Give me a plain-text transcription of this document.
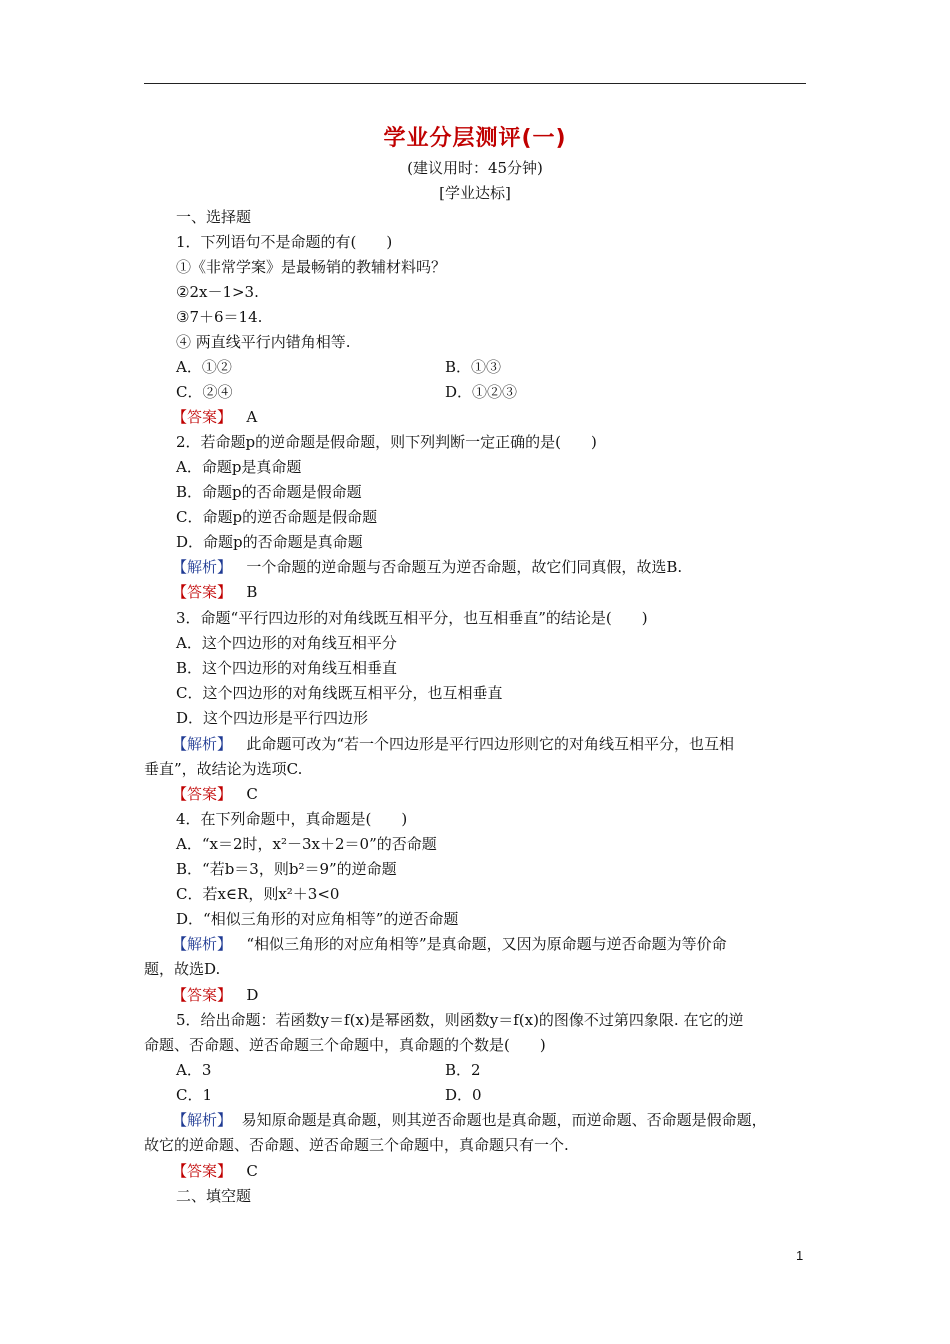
学业分层测评(一)
(建议用时：45分钟)
[学业达标]
一、选择题
1．下列语句不是命题的有(　　)
①《非常学案》是最畅销的教辅材料吗？
②2x－1>3.
③7＋6＝14.
④ 两直线平行内错角相等.
A．①②	B．①③
C．②④	D．①②③
【答案】 A
2．若命题p的逆命题是假命题，则下列判断一定正确的是(　　)
A．命题p是真命题
B．命题p的否命题是假命题
C．命题p的逆否命题是假命题
D．命题p的否命题是真命题
【解析】 一个命题的逆命题与否命题互为逆否命题，故它们同真假，故选B.
【答案】 B
3．命题“平行四边形的对角线既互相平分，也互相垂直”的结论是(　　)
A．这个四边形的对角线互相平分
B．这个四边形的对角线互相垂直
C．这个四边形的对角线既互相平分，也互相垂直
D．这个四边形是平行四边形
【解析】 此命题可改为“若一个四边形是平行四边形则它的对角线互相平分，也互相
垂直”，故结论为选项C.
【答案】 C
4．在下列命题中，真命题是(　　)
A．“x＝2时，x²－3x＋2＝0”的否命题
B．“若b＝3，则b²＝9”的逆命题
C．若x∈R，则x²＋3<0
D．“相似三角形的对应角相等”的逆否命题
【解析】 “相似三角形的对应角相等”是真命题，又因为原命题与逆否命题为等价命
题，故选D.
【答案】 D
5．给出命题：若函数y＝f(x)是幂函数，则函数y＝f(x)的图像不过第四象限. 在它的逆
命题、否命题、逆否命题三个命题中，真命题的个数是(　　)
A．3	B．2
C．1	D．0
【解析】 易知原命题是真命题，则其逆否命题也是真命题，而逆命题、否命题是假命题，
故它的逆命题、否命题、逆否命题三个命题中，真命题只有一个.
【答案】 C
二、填空题
1
